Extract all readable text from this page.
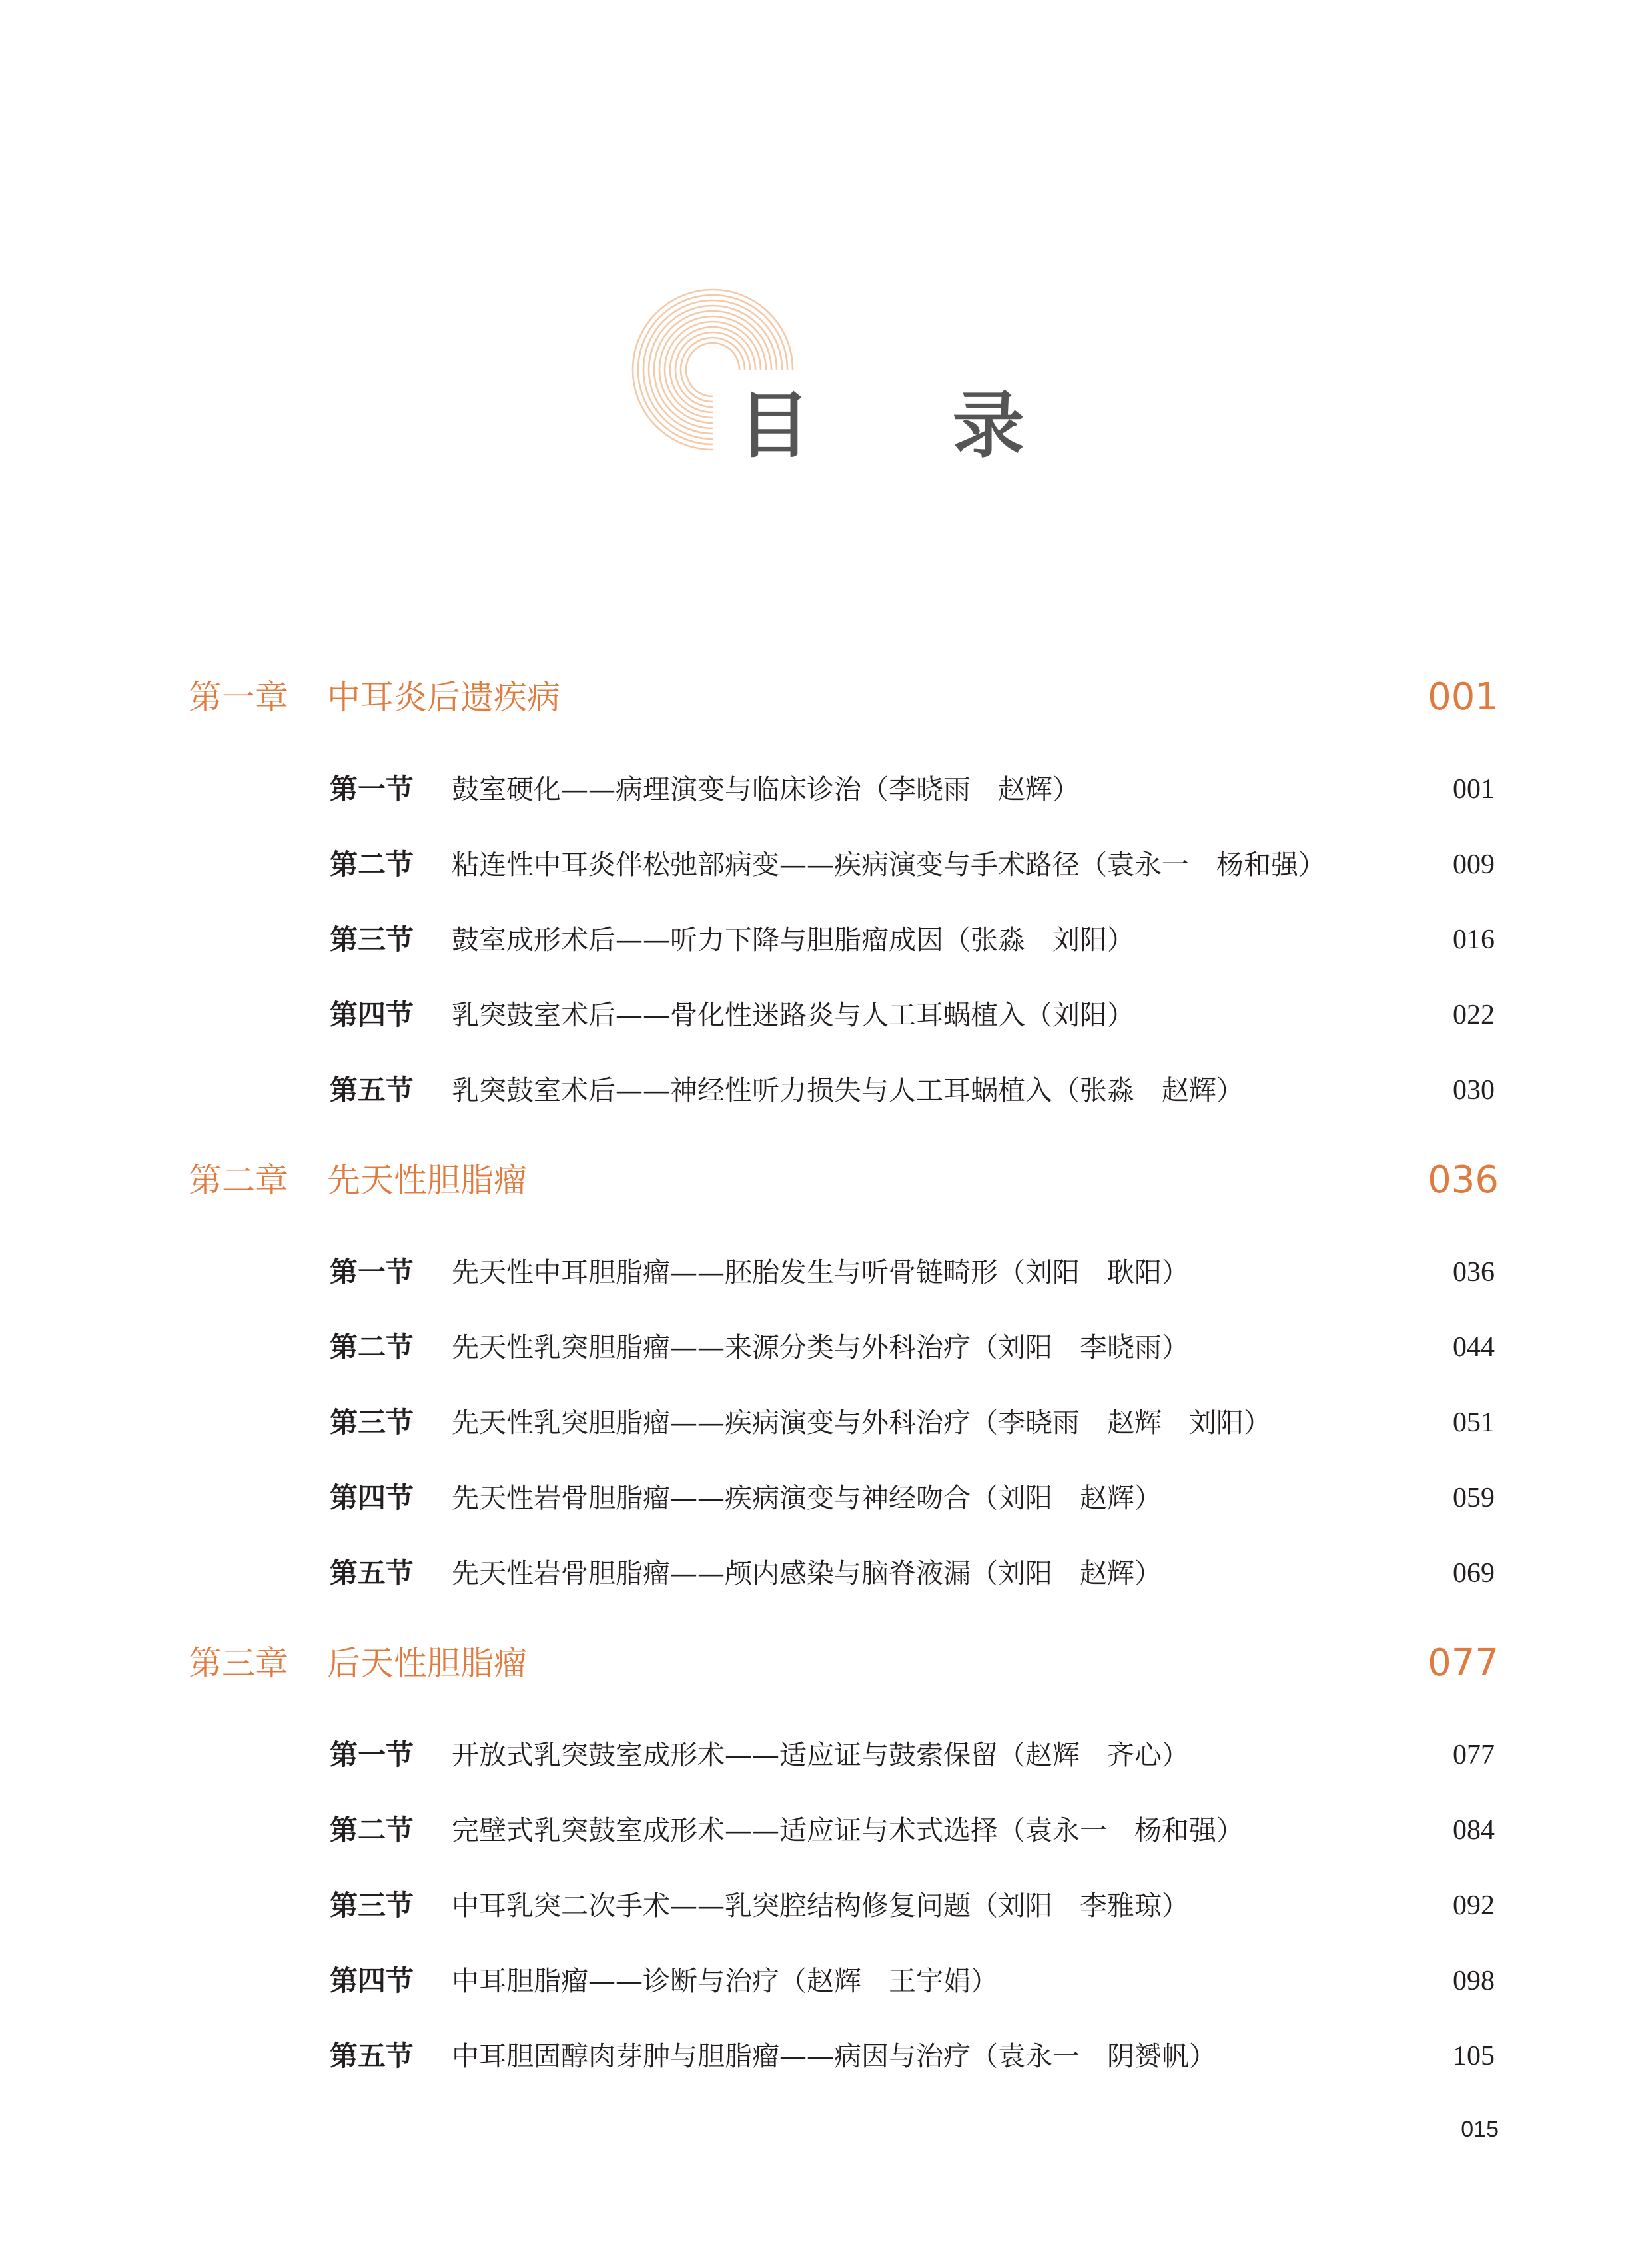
目 录
第一章 中耳炎后遗疾病	001
第一节 鼓室硬化——病理演变与临床诊治（李晓雨　赵辉）	001
第二节 粘连性中耳炎伴松弛部病变——疾病演变与手术路径（袁永一　杨和强）	009
第三节 鼓室成形术后——听力下降与胆脂瘤成因（张淼　刘阳）	016
第四节 乳突鼓室术后——骨化性迷路炎与人工耳蜗植入（刘阳）	022
第五节 乳突鼓室术后——神经性听力损失与人工耳蜗植入（张淼　赵辉）	030
第二章 先天性胆脂瘤	036
第一节 先天性中耳胆脂瘤——胚胎发生与听骨链畸形（刘阳　耿阳）	036
第二节 先天性乳突胆脂瘤——来源分类与外科治疗（刘阳　李晓雨）	044
第三节 先天性乳突胆脂瘤——疾病演变与外科治疗（李晓雨　赵辉　刘阳）	051
第四节 先天性岩骨胆脂瘤——疾病演变与神经吻合（刘阳　赵辉）	059
第五节 先天性岩骨胆脂瘤——颅内感染与脑脊液漏（刘阳　赵辉）	069
第三章 后天性胆脂瘤	077
第一节 开放式乳突鼓室成形术——适应证与鼓索保留（赵辉　齐心）	077
第二节 完壁式乳突鼓室成形术——适应证与术式选择（袁永一　杨和强）	084
第三节 中耳乳突二次手术——乳突腔结构修复问题（刘阳　李雅琼）	092
第四节 中耳胆脂瘤——诊断与治疗（赵辉　王宇娟）	098
第五节 中耳胆固醇肉芽肿与胆脂瘤——病因与治疗（袁永一　阴赟帆）	105
015
